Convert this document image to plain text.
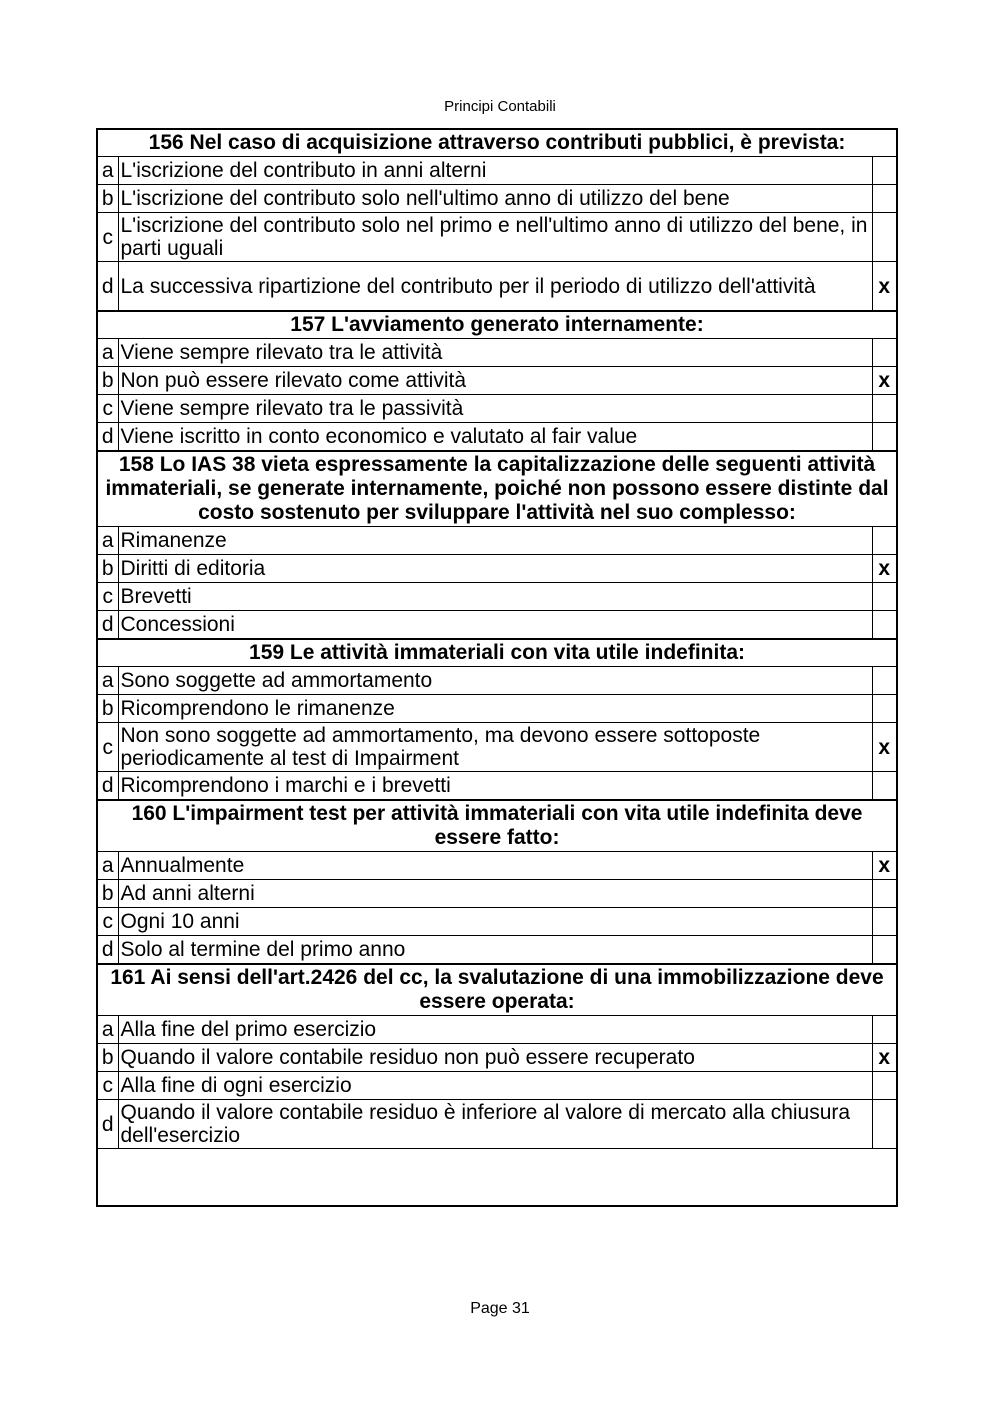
Principi Contabili
156 Nel caso di acquisizione attraverso contributi pubblici, è prevista:		
a	L'iscrizione del contributo in anni alterni	
b	L'iscrizione del contributo solo nell'ultimo anno di utilizzo del bene	
c	L'iscrizione del contributo solo nel primo e nell'ultimo anno di utilizzo del bene, in parti uguali	
d	La successiva ripartizione del contributo per il periodo di utilizzo dell'attività	x
157 L'avviamento generato internamente:		
a	Viene sempre rilevato tra le attività	
b	Non può essere rilevato come attività	x
c	Viene sempre rilevato tra le passività	
d	Viene iscritto in conto economico e valutato al fair value	
158 Lo IAS 38 vieta espressamente la capitalizzazione delle seguenti attività immateriali, se generate internamente, poiché non possono essere distinte dal costo sostenuto per sviluppare l'attività nel suo complesso:		
a	Rimanenze	
b	Diritti di editoria	x
c	Brevetti	
d	Concessioni	
159 Le attività immateriali con vita utile indefinita:		
a	Sono soggette ad ammortamento	
b	Ricomprendono le rimanenze	
c	Non sono soggette ad ammortamento, ma devono essere sottoposte periodicamente al test di Impairment	x
d	Ricomprendono i marchi e i brevetti	
160 L'impairment test per attività immateriali con vita utile indefinita deve essere fatto:		
a	Annualmente	x
b	Ad anni alterni	
c	Ogni 10 anni	
d	Solo al termine del primo anno	
161 Ai sensi dell'art.2426 del cc, la svalutazione di una immobilizzazione deve essere operata:		
a	Alla fine del primo esercizio	
b	Quando il valore contabile residuo non può essere recuperato	x
c	Alla fine di ogni esercizio	
d	Quando il valore contabile residuo è inferiore al valore di mercato alla chiusura dell'esercizio	

Page 31
